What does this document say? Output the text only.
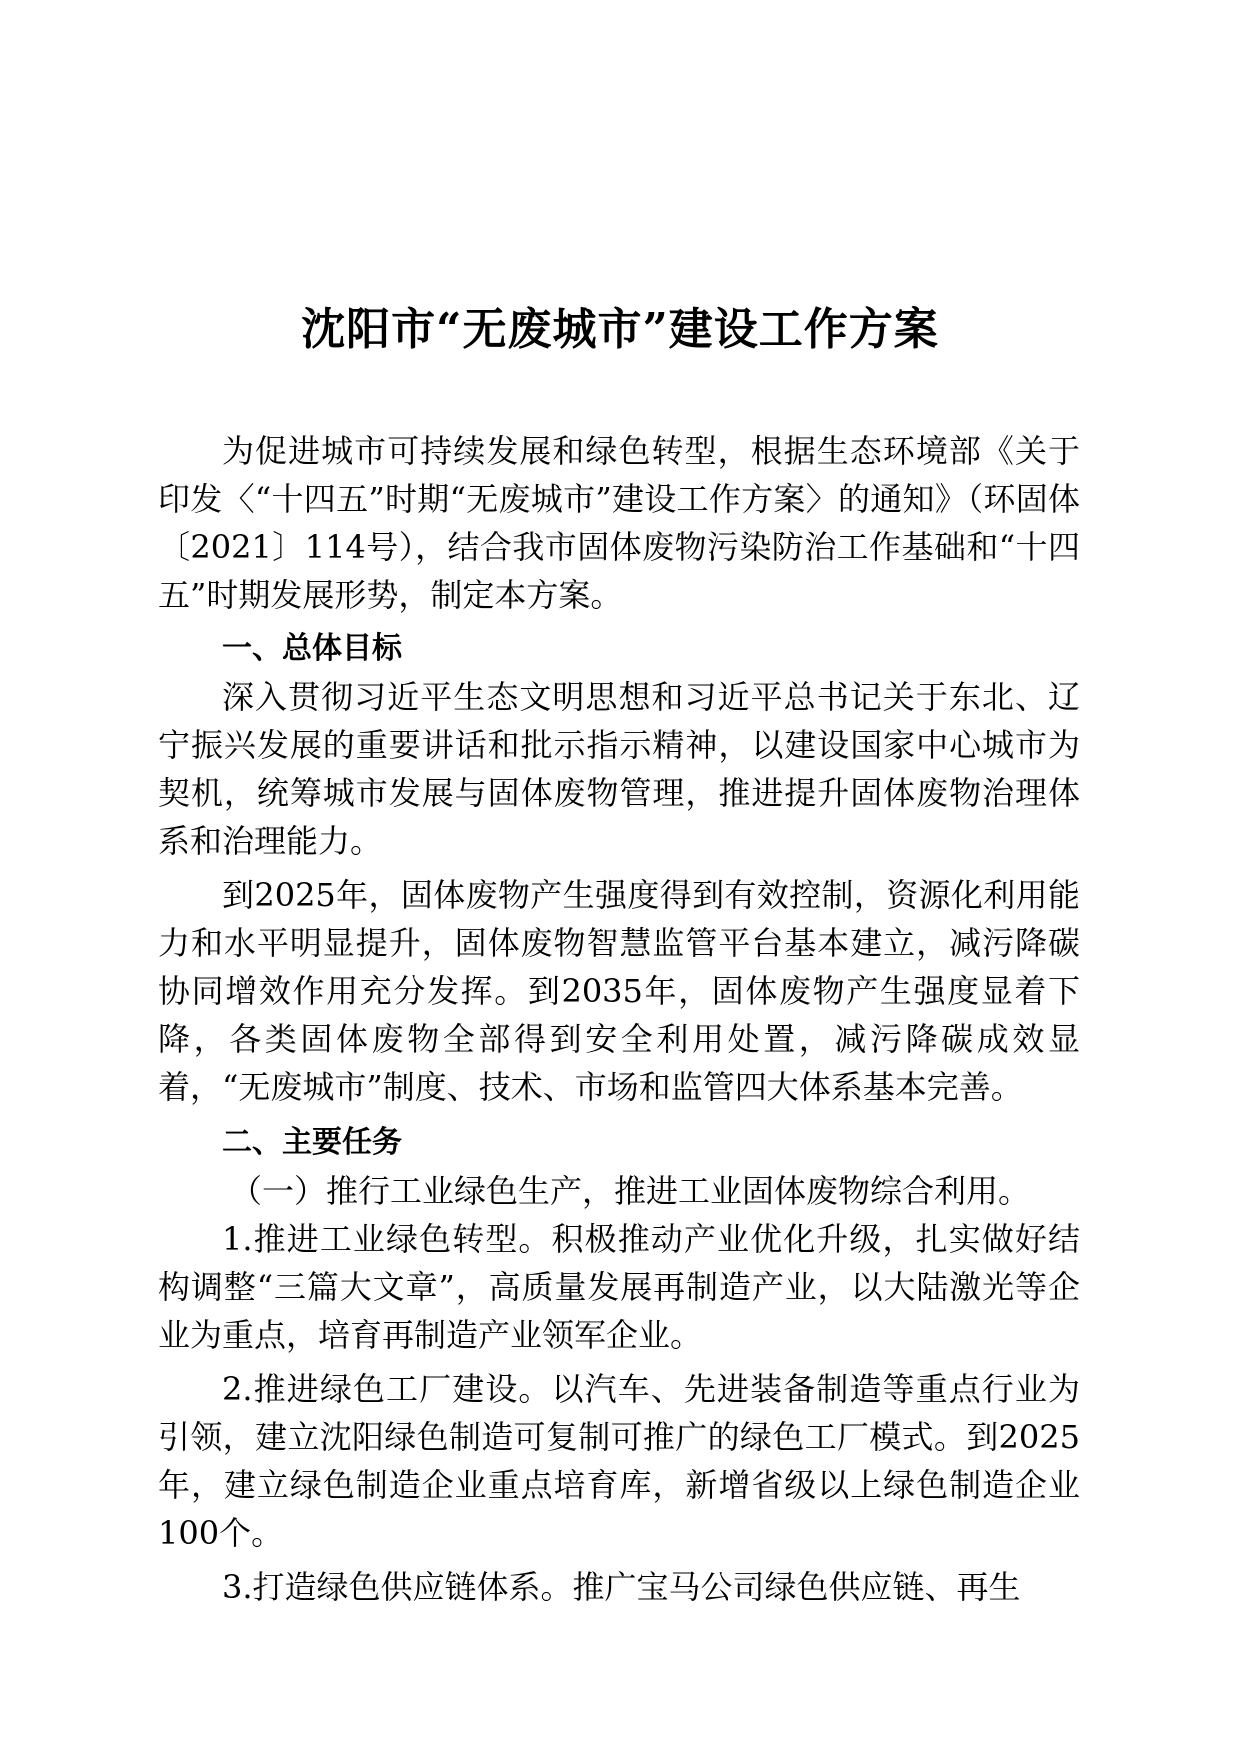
沈阳市“无废城市”建设工作方案

为促进城市可持续发展和绿色转型，根据生态环境部《关于印发〈“十四五”时期“无废城市”建设工作方案〉的通知》（环固体〔2021〕114号），结合我市固体废物污染防治工作基础和“十四五”时期发展形势，制定本方案。

一、总体目标

深入贯彻习近平生态文明思想和习近平总书记关于东北、辽宁振兴发展的重要讲话和批示指示精神，以建设国家中心城市为契机，统筹城市发展与固体废物管理，推进提升固体废物治理体系和治理能力。

到2025年，固体废物产生强度得到有效控制，资源化利用能力和水平明显提升，固体废物智慧监管平台基本建立，减污降碳协同增效作用充分发挥。到2035年，固体废物产生强度显着下降，各类固体废物全部得到安全利用处置，减污降碳成效显着，“无废城市”制度、技术、市场和监管四大体系基本完善。

二、主要任务

（一）推行工业绿色生产，推进工业固体废物综合利用。

1.推进工业绿色转型。积极推动产业优化升级，扎实做好结构调整“三篇大文章”，高质量发展再制造产业，以大陆激光等企业为重点，培育再制造产业领军企业。

2.推进绿色工厂建设。以汽车、先进装备制造等重点行业为引领，建立沈阳绿色制造可复制可推广的绿色工厂模式。到2025年，建立绿色制造企业重点培育库，新增省级以上绿色制造企业100个。

3.打造绿色供应链体系。推广宝马公司绿色供应链、再生
